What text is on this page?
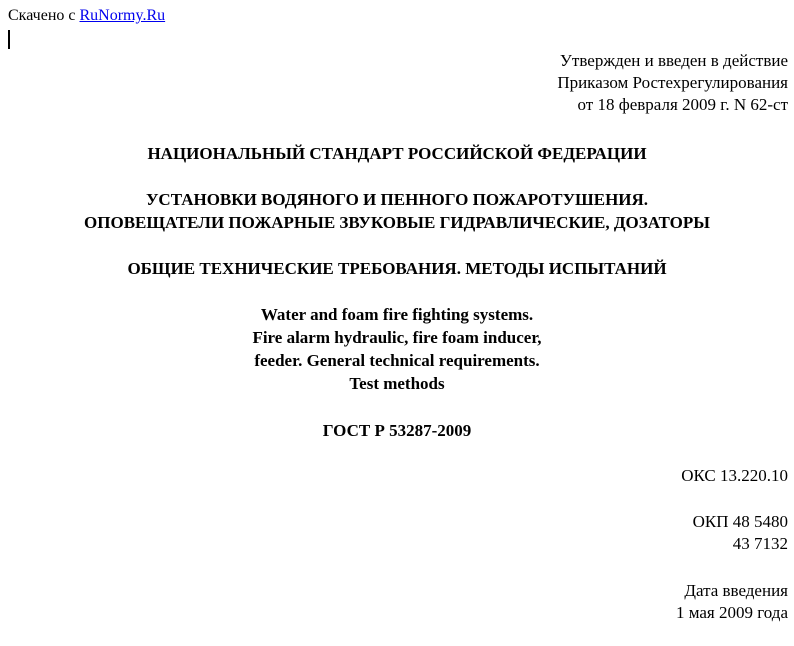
Скачено с RuNormy.Ru
Утвержден и введен в действие
Приказом Ростехрегулирования
от 18 февраля 2009 г. N 62-ст
НАЦИОНАЛЬНЫЙ СТАНДАРТ РОССИЙСКОЙ ФЕДЕРАЦИИ
УСТАНОВКИ ВОДЯНОГО И ПЕННОГО ПОЖАРОТУШЕНИЯ.
ОПОВЕЩАТЕЛИ ПОЖАРНЫЕ ЗВУКОВЫЕ ГИДРАВЛИЧЕСКИЕ, ДОЗАТОРЫ
ОБЩИЕ ТЕХНИЧЕСКИЕ ТРЕБОВАНИЯ. МЕТОДЫ ИСПЫТАНИЙ
Water and foam fire fighting systems.
Fire alarm hydraulic, fire foam inducer,
feeder. General technical requirements.
Test methods
ГОСТ Р 53287-2009
ОКС 13.220.10
ОКП 48 5480
43 7132
Дата введения
1 мая 2009 года
